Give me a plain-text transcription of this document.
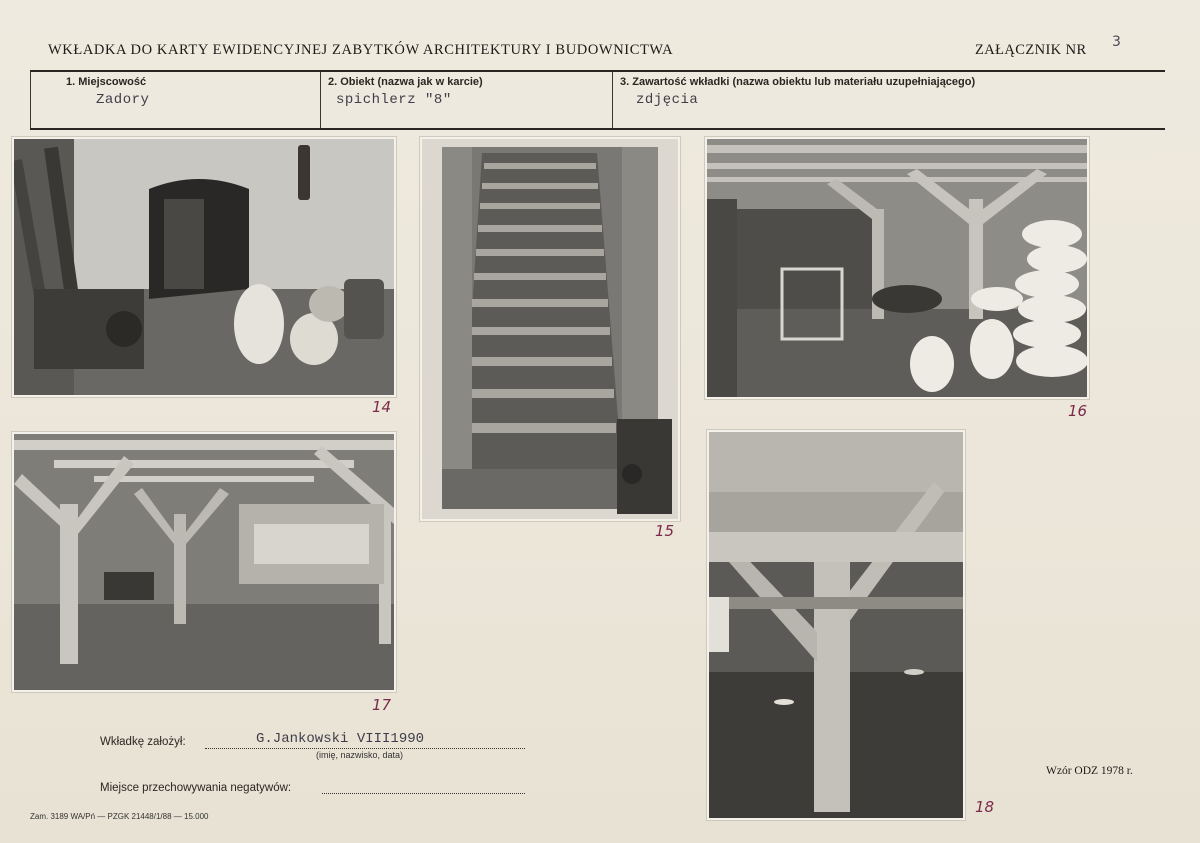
WKŁADKA DO KARTY EWIDENCYJNEJ ZABYTKÓW ARCHITEKTURY I BUDOWNICTWA	ZAŁĄCZNIK NR 3
1. Miejscowość
Zadory
2. Obiekt (nazwa jak w karcie)
spichlerz "8"
3. Zawartość wkładki (nazwa obiektu lub materiału uzupełniającego)
zdjęcia
14
15
16
17
18
Wkładkę założył:	G.Jankowski VIII1990
(imię, nazwisko, data)
Miejsce przechowywania negatywów:
Wzór ODZ 1978 r.
Zam. 3189 WA/Pń — PZGK 21448/1/88 — 15.000
